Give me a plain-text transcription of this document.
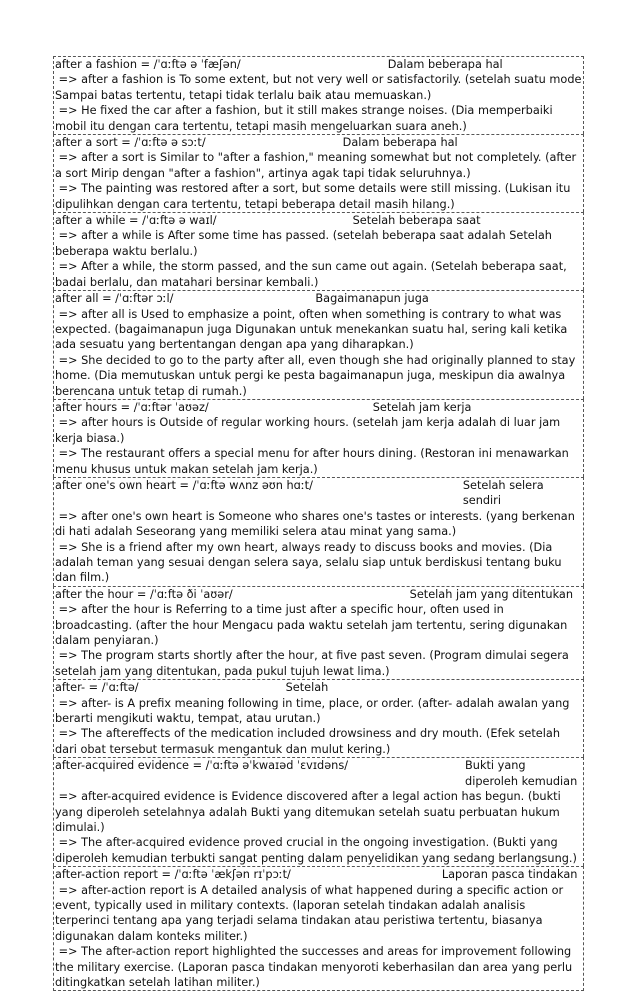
after a fashion = /ˈɑːftə ə ˈfæʃən/	Dalam beberapa hal
=> after a fashion is To some extent, but not very well or satisfactorily. (setelah suatu mode Sampai batas tertentu, tetapi tidak terlalu baik atau memuaskan.)
=> He fixed the car after a fashion, but it still makes strange noises. (Dia memperbaiki mobil itu dengan cara tertentu, tetapi masih mengeluarkan suara aneh.)
after a sort = /ˈɑːftə ə sɔːt/	Dalam beberapa hal
=> after a sort is Similar to "after a fashion," meaning somewhat but not completely. (after a sort Mirip dengan "after a fashion", artinya agak tapi tidak seluruhnya.)
=> The painting was restored after a sort, but some details were still missing. (Lukisan itu dipulihkan dengan cara tertentu, tetapi beberapa detail masih hilang.)
after a while = /ˈɑːftə ə waɪl/	Setelah beberapa saat
=> after a while is After some time has passed. (setelah beberapa saat adalah Setelah beberapa waktu berlalu.)
=> After a while, the storm passed, and the sun came out again. (Setelah beberapa saat, badai berlalu, dan matahari bersinar kembali.)
after all = /ˈɑːftər ɔːl/	Bagaimanapun juga
=> after all is Used to emphasize a point, often when something is contrary to what was expected. (bagaimanapun juga Digunakan untuk menekankan suatu hal, sering kali ketika ada sesuatu yang bertentangan dengan apa yang diharapkan.)
=> She decided to go to the party after all, even though she had originally planned to stay home. (Dia memutuskan untuk pergi ke pesta bagaimanapun juga, meskipun dia awalnya berencana untuk tetap di rumah.)
after hours = /ˈɑːftər ˈaʊəz/	Setelah jam kerja
=> after hours is Outside of regular working hours. (setelah jam kerja adalah di luar jam kerja biasa.)
=> The restaurant offers a special menu for after hours dining. (Restoran ini menawarkan menu khusus untuk makan setelah jam kerja.)
after one's own heart = /ˈɑːftə wʌnz əʊn hɑːt/	Setelah selera sendiri
=> after one's own heart is Someone who shares one's tastes or interests. (yang berkenan di hati adalah Seseorang yang memiliki selera atau minat yang sama.)
=> She is a friend after my own heart, always ready to discuss books and movies. (Dia adalah teman yang sesuai dengan selera saya, selalu siap untuk berdiskusi tentang buku dan film.)
after the hour = /ˈɑːftə ði ˈaʊər/	Setelah jam yang ditentukan
=> after the hour is Referring to a time just after a specific hour, often used in broadcasting. (after the hour Mengacu pada waktu setelah jam tertentu, sering digunakan dalam penyiaran.)
=> The program starts shortly after the hour, at five past seven. (Program dimulai segera setelah jam yang ditentukan, pada pukul tujuh lewat lima.)
after- = /ˈɑːftə/	Setelah
=> after- is A prefix meaning following in time, place, or order. (after- adalah awalan yang berarti mengikuti waktu, tempat, atau urutan.)
=> The aftereffects of the medication included drowsiness and dry mouth. (Efek setelah dari obat tersebut termasuk mengantuk dan mulut kering.)
after-acquired evidence = /ˈɑːftə əˈkwaɪəd ˈɛvɪdəns/	Bukti yang diperoleh kemudian
=> after-acquired evidence is Evidence discovered after a legal action has begun. (bukti yang diperoleh setelahnya adalah Bukti yang ditemukan setelah suatu perbuatan hukum dimulai.)
=> The after-acquired evidence proved crucial in the ongoing investigation. (Bukti yang diperoleh kemudian terbukti sangat penting dalam penyelidikan yang sedang berlangsung.)
after-action report = /ˈɑːftə ˈækʃən rɪˈpɔːt/	Laporan pasca tindakan
=> after-action report is A detailed analysis of what happened during a specific action or event, typically used in military contexts. (laporan setelah tindakan adalah analisis terperinci tentang apa yang terjadi selama tindakan atau peristiwa tertentu, biasanya digunakan dalam konteks militer.)
=> The after-action report highlighted the successes and areas for improvement following the military exercise. (Laporan pasca tindakan menyoroti keberhasilan dan area yang perlu ditingkatkan setelah latihan militer.)
